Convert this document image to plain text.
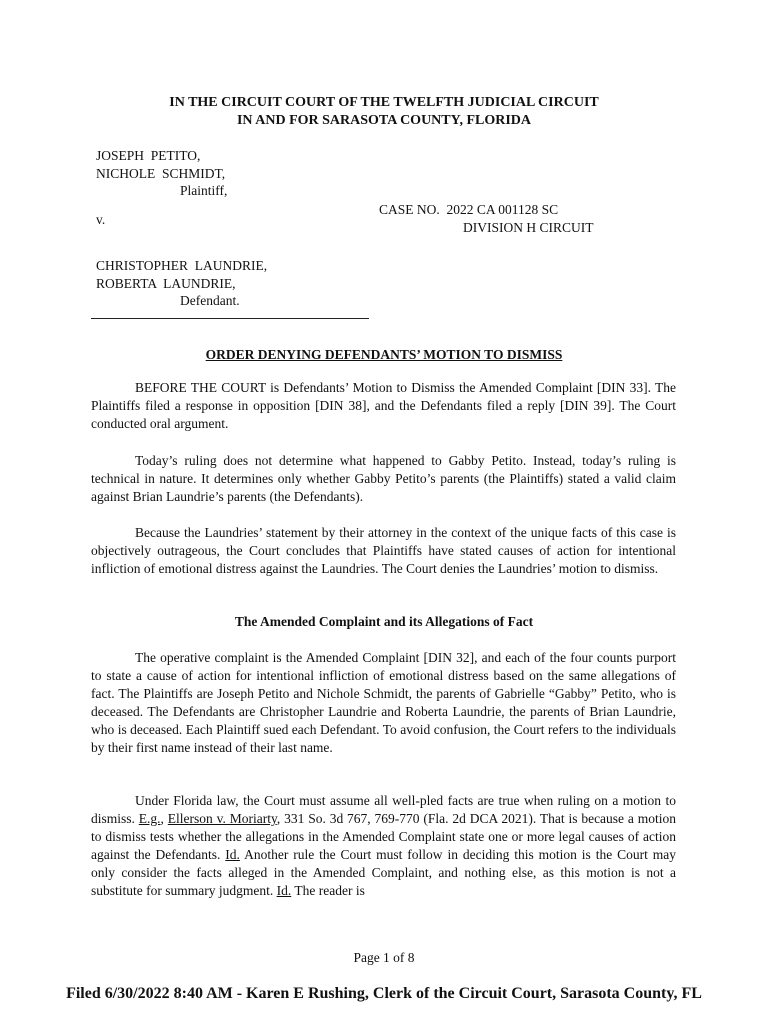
IN THE CIRCUIT COURT OF THE TWELFTH JUDICIAL CIRCUIT
IN AND FOR SARASOTA COUNTY, FLORIDA
JOSEPH  PETITO,
NICHOLE  SCHMIDT,
Plaintiff,
v.
CASE NO.  2022 CA 001128 SC
DIVISION H CIRCUIT
CHRISTOPHER  LAUNDRIE,
ROBERTA  LAUNDRIE,
Defendant.
ORDER DENYING DEFENDANTS’ MOTION TO DISMISS
BEFORE THE COURT is Defendants’ Motion to Dismiss the Amended Complaint [DIN 33]. The Plaintiffs filed a response in opposition [DIN 38], and the Defendants filed a reply [DIN 39]. The Court conducted oral argument.
Today’s ruling does not determine what happened to Gabby Petito. Instead, today’s ruling is technical in nature. It determines only whether Gabby Petito’s parents (the Plaintiffs) stated a valid claim against Brian Laundrie’s parents (the Defendants).
Because the Laundries’ statement by their attorney in the context of the unique facts of this case is objectively outrageous, the Court concludes that Plaintiffs have stated causes of action for intentional infliction of emotional distress against the Laundries. The Court denies the Laundries’ motion to dismiss.
The Amended Complaint and its Allegations of Fact
The operative complaint is the Amended Complaint [DIN 32], and each of the four counts purport to state a cause of action for intentional infliction of emotional distress based on the same allegations of fact. The Plaintiffs are Joseph Petito and Nichole Schmidt, the parents of Gabrielle “Gabby” Petito, who is deceased. The Defendants are Christopher Laundrie and Roberta Laundrie, the parents of Brian Laundrie, who is deceased. Each Plaintiff sued each Defendant. To avoid confusion, the Court refers to the individuals by their first name instead of their last name.
Under Florida law, the Court must assume all well-pled facts are true when ruling on a motion to dismiss. E.g., Ellerson v. Moriarty, 331 So. 3d 767, 769-770 (Fla. 2d DCA 2021). That is because a motion to dismiss tests whether the allegations in the Amended Complaint state one or more legal causes of action against the Defendants. Id. Another rule the Court must follow in deciding this motion is the Court may only consider the facts alleged in the Amended Complaint, and nothing else, as this motion is not a substitute for summary judgment. Id. The reader is
Page 1 of 8
Filed 6/30/2022 8:40 AM - Karen E Rushing, Clerk of the Circuit Court, Sarasota County, FL
